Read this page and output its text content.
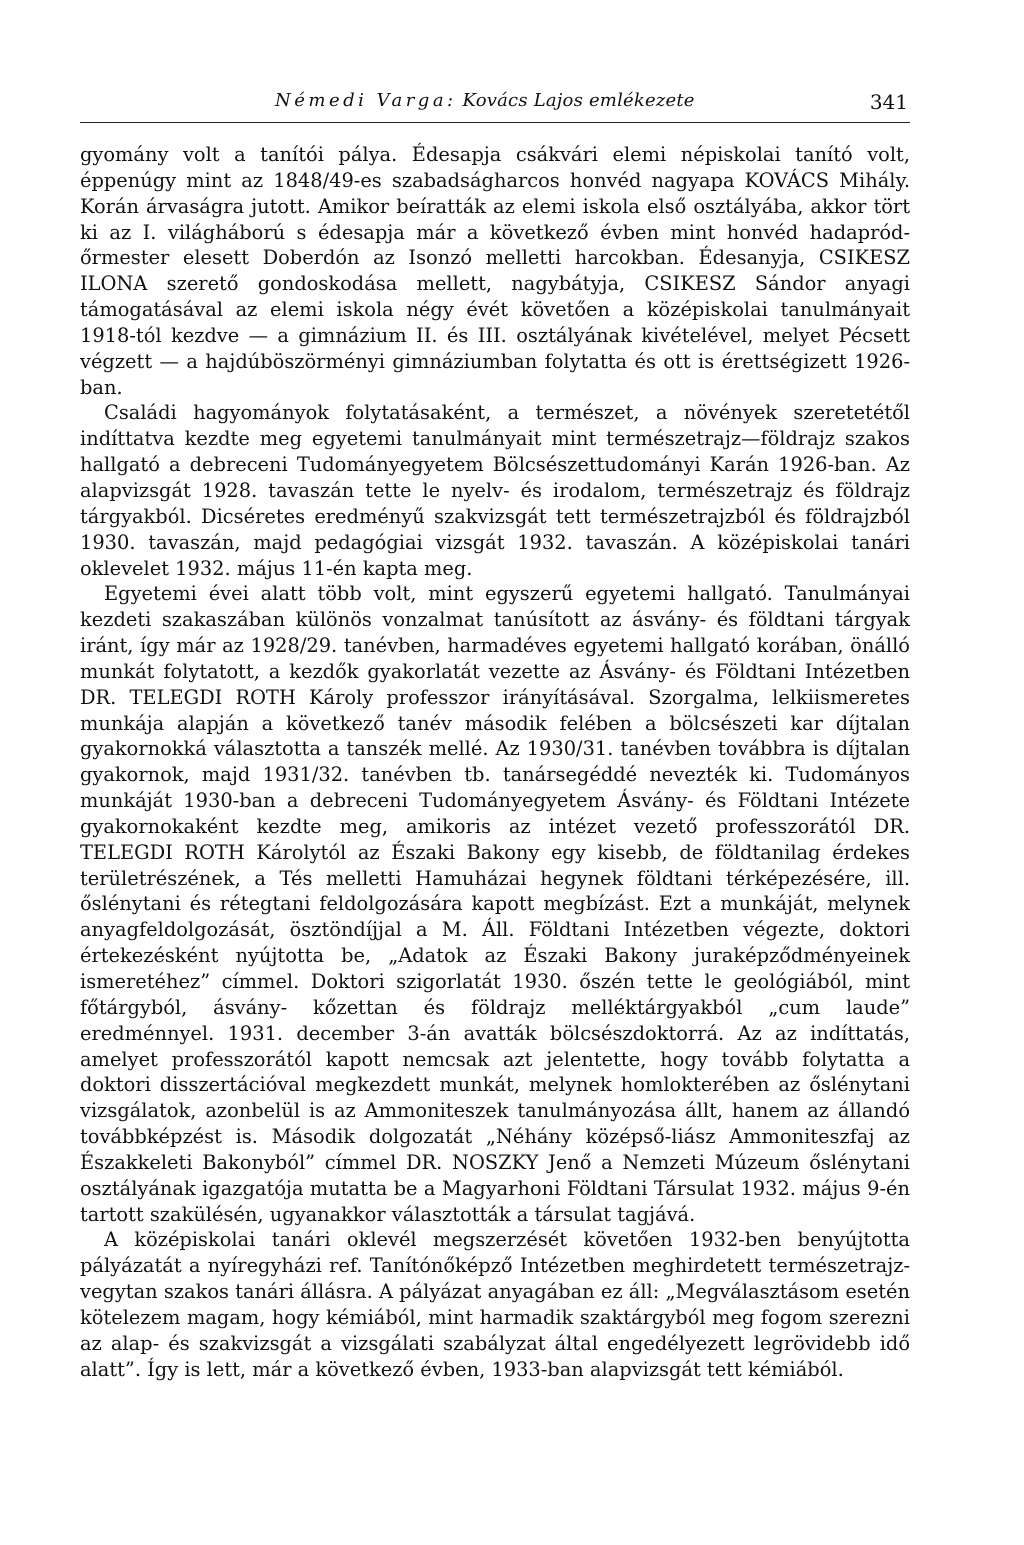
Némedi Varga: Kovács Lajos emlékezete	341

gyomány volt a tanítói pálya. Édesapja csákvári elemi népiskolai tanító volt, éppenúgy mint az 1848/49-es szabadságharcos honvéd nagyapa KOVÁCS Mihály. Korán árvaságra jutott. Amikor beíratták az elemi iskola első osztályába, akkor tört ki az I. világháború s édesapja már a következő évben mint honvéd hadapród-őrmester elesett Doberdón az Isonzó melletti harcokban. Édesanyja, CSIKESZ ILONA szerető gondoskodása mellett, nagybátyja, CSIKESZ Sándor anyagi támogatásával az elemi iskola négy évét követően a középiskolai tanulmányait 1918-tól kezdve — a gimnázium II. és III. osztályának kivételével, melyet Pécsett végzett — a hajdúböszörményi gimnáziumban folytatta és ott is érettségizett 1926-ban.

Családi hagyományok folytatásaként, a természet, a növények szeretetétől indíttatva kezdte meg egyetemi tanulmányait mint természetrajz—földrajz szakos hallgató a debreceni Tudományegyetem Bölcsészettudományi Karán 1926-ban. Az alapvizsgát 1928. tavaszán tette le nyelv- és irodalom, természetrajz és földrajz tárgyakból. Dicséretes eredményű szakvizsgát tett természetrajzból és földrajzból 1930. tavaszán, majd pedagógiai vizsgát 1932. tavaszán. A középiskolai tanári oklevelet 1932. május 11-én kapta meg.

Egyetemi évei alatt több volt, mint egyszerű egyetemi hallgató. Tanulmányai kezdeti szakaszában különös vonzalmat tanúsított az ásvány- és földtani tárgyak iránt, így már az 1928/29. tanévben, harmadéves egyetemi hallgató korában, önálló munkát folytatott, a kezdők gyakorlatát vezette az Ásvány- és Földtani Intézetben DR. TELEGDI ROTH Károly professzor irányításával. Szorgalma, lelkiismeretes munkája alapján a következő tanév második felében a bölcsészeti kar díjtalan gyakornokká választotta a tanszék mellé. Az 1930/31. tanévben továbbra is díjtalan gyakornok, majd 1931/32. tanévben tb. tanársegéddé nevezték ki. Tudományos munkáját 1930-ban a debreceni Tudományegyetem Ásvány- és Földtani Intézete gyakornokaként kezdte meg, amikoris az intézet vezető professzorától DR. TELEGDI ROTH Károlytól az Északi Bakony egy kisebb, de földtanilag érdekes területrészének, a Tés melletti Hamuházai hegynek földtani térképezésére, ill. őslénytani és rétegtani feldolgozására kapott megbízást. Ezt a munkáját, melynek anyagfeldolgozását, ösztöndíjjal a M. Áll. Földtani Intézetben végezte, doktori értekezésként nyújtotta be, „Adatok az Északi Bakony juraképződményeinek ismeretéhez” címmel. Doktori szigorlatát 1930. őszén tette le geológiából, mint főtárgyból, ásvány- kőzettan és földrajz melléktárgyakból „cum laude” eredménnyel. 1931. december 3-án avatták bölcsészdoktorrá. Az az indíttatás, amelyet professzorától kapott nemcsak azt jelentette, hogy tovább folytatta a doktori disszertációval megkezdett munkát, melynek homlokterében az őslénytani vizsgálatok, azonbelül is az Ammoniteszek tanulmányozása állt, hanem az állandó továbbképzést is. Második dolgozatát „Néhány középső-liász Ammoniteszfaj az Északkeleti Bakonyból” címmel DR. NOSZKY Jenő a Nemzeti Múzeum őslénytani osztályának igazgatója mutatta be a Magyarhoni Földtani Társulat 1932. május 9-én tartott szakülésén, ugyanakkor választották a társulat tagjává.

A középiskolai tanári oklevél megszerzését követően 1932-ben benyújtotta pályázatát a nyíregyházi ref. Tanítónőképző Intézetben meghirdetett természetrajz-vegytan szakos tanári állásra. A pályázat anyagában ez áll: „Megválasztásom esetén kötelezem magam, hogy kémiából, mint harmadik szaktárgyból meg fogom szerezni az alap- és szakvizsgát a vizsgálati szabályzat által engedélyezett legrövidebb idő alatt”. Így is lett, már a következő évben, 1933-ban alapvizsgát tett kémiából.
